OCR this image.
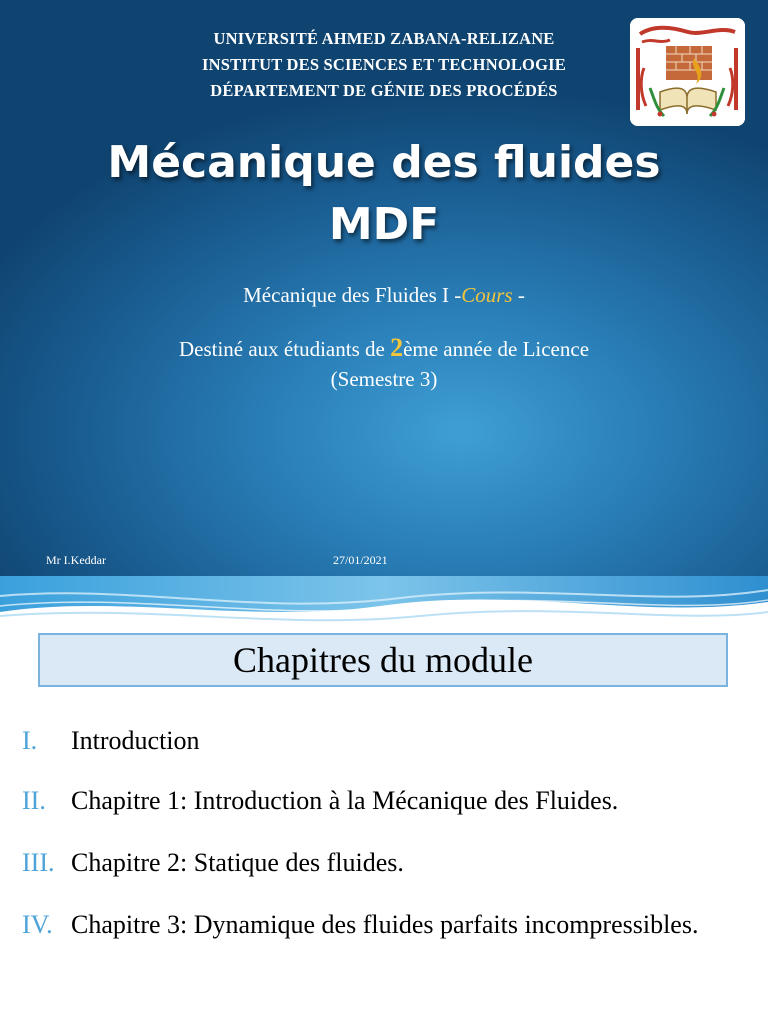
UNIVERSITÉ AHMED ZABANA-RELIZANE
INSTITUT DES SCIENCES ET TECHNOLOGIE
DÉPARTEMENT DE GÉNIE DES PROCÉDÉS
Mécanique des fluides
MDF
Mécanique des Fluides I -Cours -
Destiné aux étudiants de 2ème année de Licence
(Semestre 3)
Mr I.Keddar	27/01/2021
Chapitres du module
I. Introduction
II. Chapitre 1: Introduction à la Mécanique des Fluides.
III. Chapitre 2: Statique des fluides.
IV. Chapitre 3: Dynamique des fluides parfaits incompressibles.
